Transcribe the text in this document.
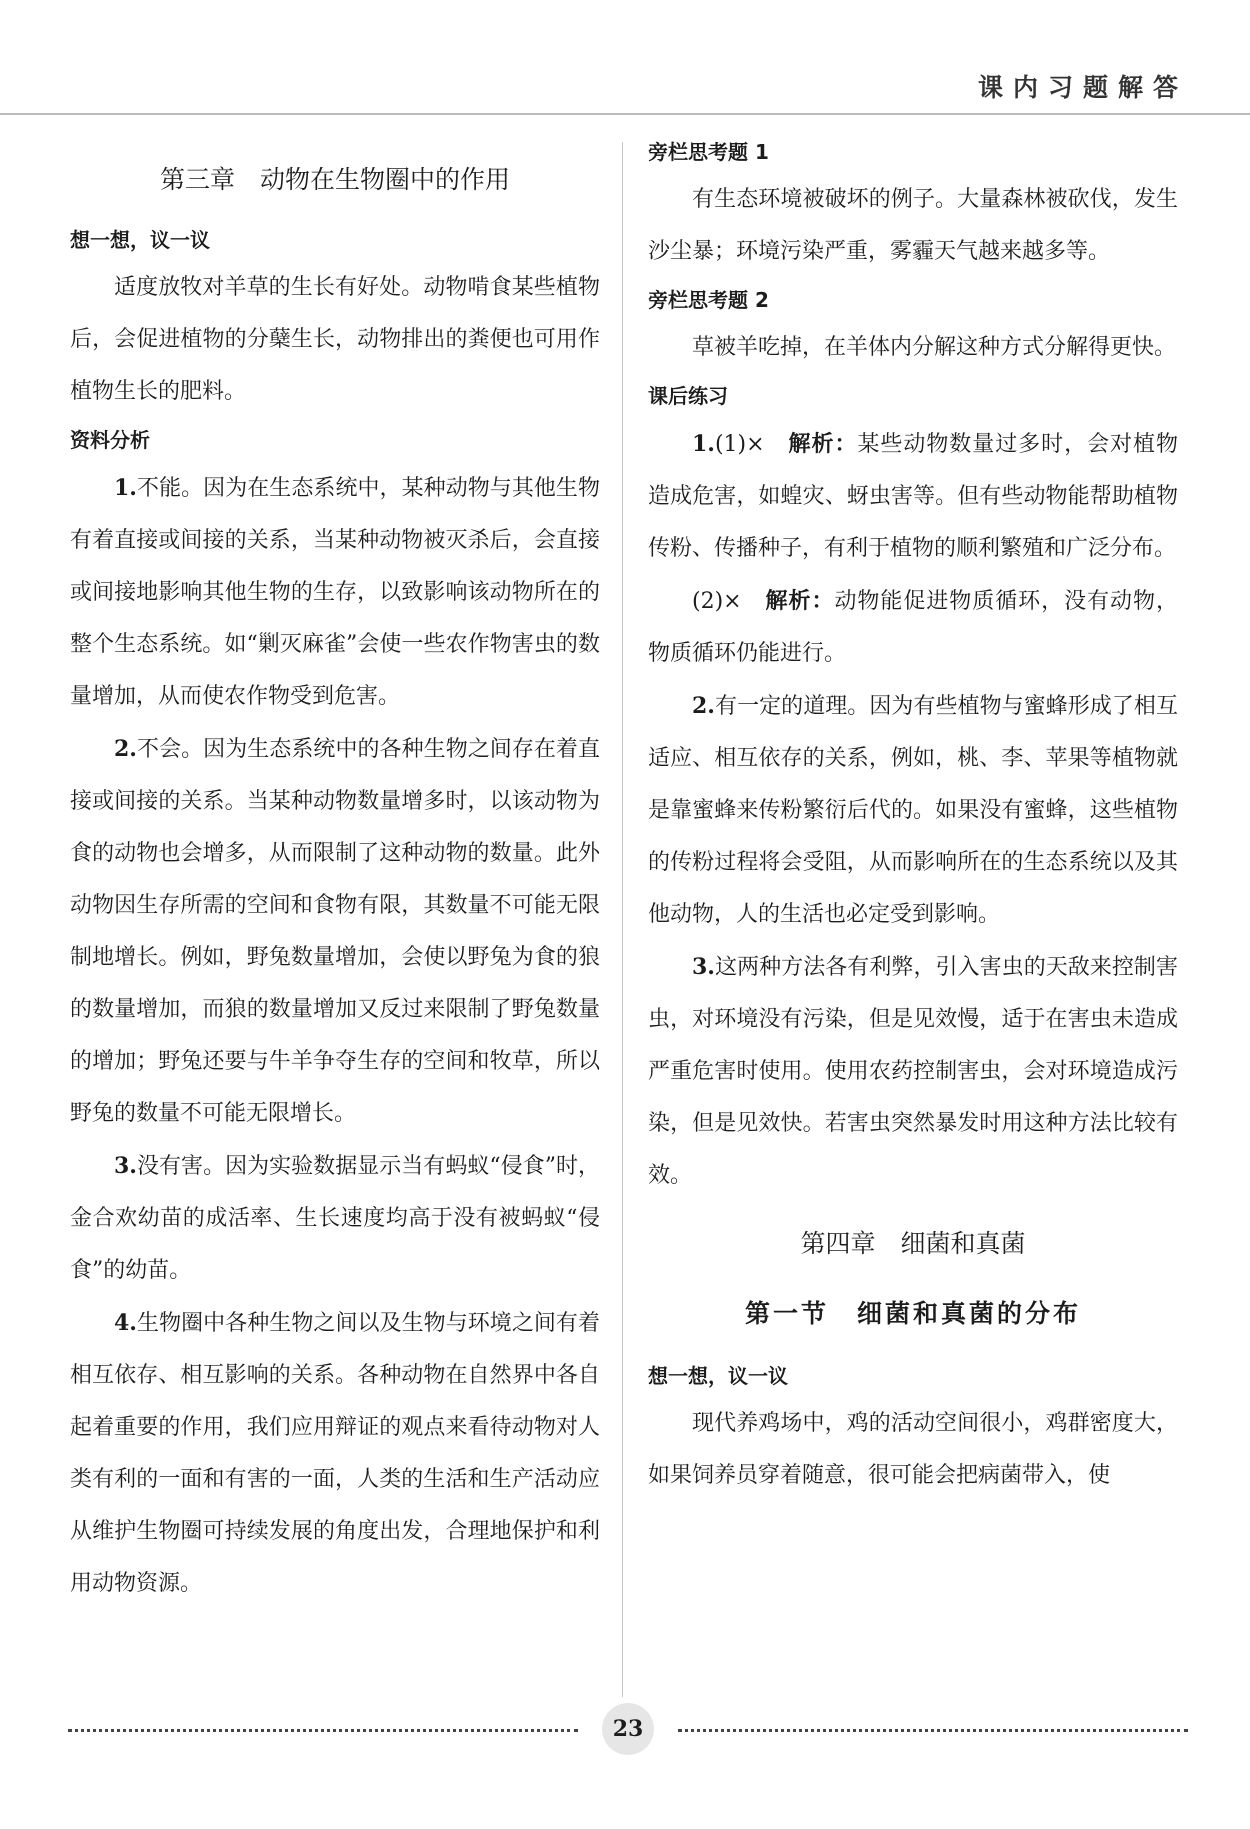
课内习题解答
第三章　动物在生物圈中的作用
想一想，议一议

适度放牧对羊草的生长有好处。动物啃食某些植物后，会促进植物的分蘖生长，动物排出的粪便也可用作植物生长的肥料。

资料分析

1.不能。因为在生态系统中，某种动物与其他生物有着直接或间接的关系，当某种动物被灭杀后，会直接或间接地影响其他生物的生存，以致影响该动物所在的整个生态系统。如“剿灭麻雀”会使一些农作物害虫的数量增加，从而使农作物受到危害。

2.不会。因为生态系统中的各种生物之间存在着直接或间接的关系。当某种动物数量增多时，以该动物为食的动物也会增多，从而限制了这种动物的数量。此外动物因生存所需的空间和食物有限，其数量不可能无限制地增长。例如，野兔数量增加，会使以野兔为食的狼的数量增加，而狼的数量增加又反过来限制了野兔数量的增加；野兔还要与牛羊争夺生存的空间和牧草，所以野兔的数量不可能无限增长。

3.没有害。因为实验数据显示当有蚂蚁“侵食”时，金合欢幼苗的成活率、生长速度均高于没有被蚂蚁“侵食”的幼苗。

4.生物圈中各种生物之间以及生物与环境之间有着相互依存、相互影响的关系。各种动物在自然界中各自起着重要的作用，我们应用辩证的观点来看待动物对人类有利的一面和有害的一面，人类的生活和生产活动应从维护生物圈可持续发展的角度出发，合理地保护和利用动物资源。

旁栏思考题 1

有生态环境被破坏的例子。大量森林被砍伐，发生沙尘暴；环境污染严重，雾霾天气越来越多等。

旁栏思考题 2

草被羊吃掉，在羊体内分解这种方式分解得更快。

课后练习

1.(1)×　 解析：某些动物数量过多时，会对植物造成危害，如蝗灾、蚜虫害等。但有些动物能帮助植物传粉、传播种子，有利于植物的顺利繁殖和广泛分布。

(2)×　 解析：动物能促进物质循环，没有动物，物质循环仍能进行。

2.有一定的道理。因为有些植物与蜜蜂形成了相互适应、相互依存的关系，例如，桃、李、苹果等植物就是靠蜜蜂来传粉繁衍后代的。如果没有蜜蜂，这些植物的传粉过程将会受阻，从而影响所在的生态系统以及其他动物，人的生活也必定受到影响。

3.这两种方法各有利弊，引入害虫的天敌来控制害虫，对环境没有污染，但是见效慢，适于在害虫未造成严重危害时使用。使用农药控制害虫，会对环境造成污染，但是见效快。若害虫突然暴发时用这种方法比较有效。

第四章　细菌和真菌
第一节　细菌和真菌的分布
想一想，议一议

现代养鸡场中，鸡的活动空间很小，鸡群密度大，如果饲养员穿着随意，很可能会把病菌带入，使

23
